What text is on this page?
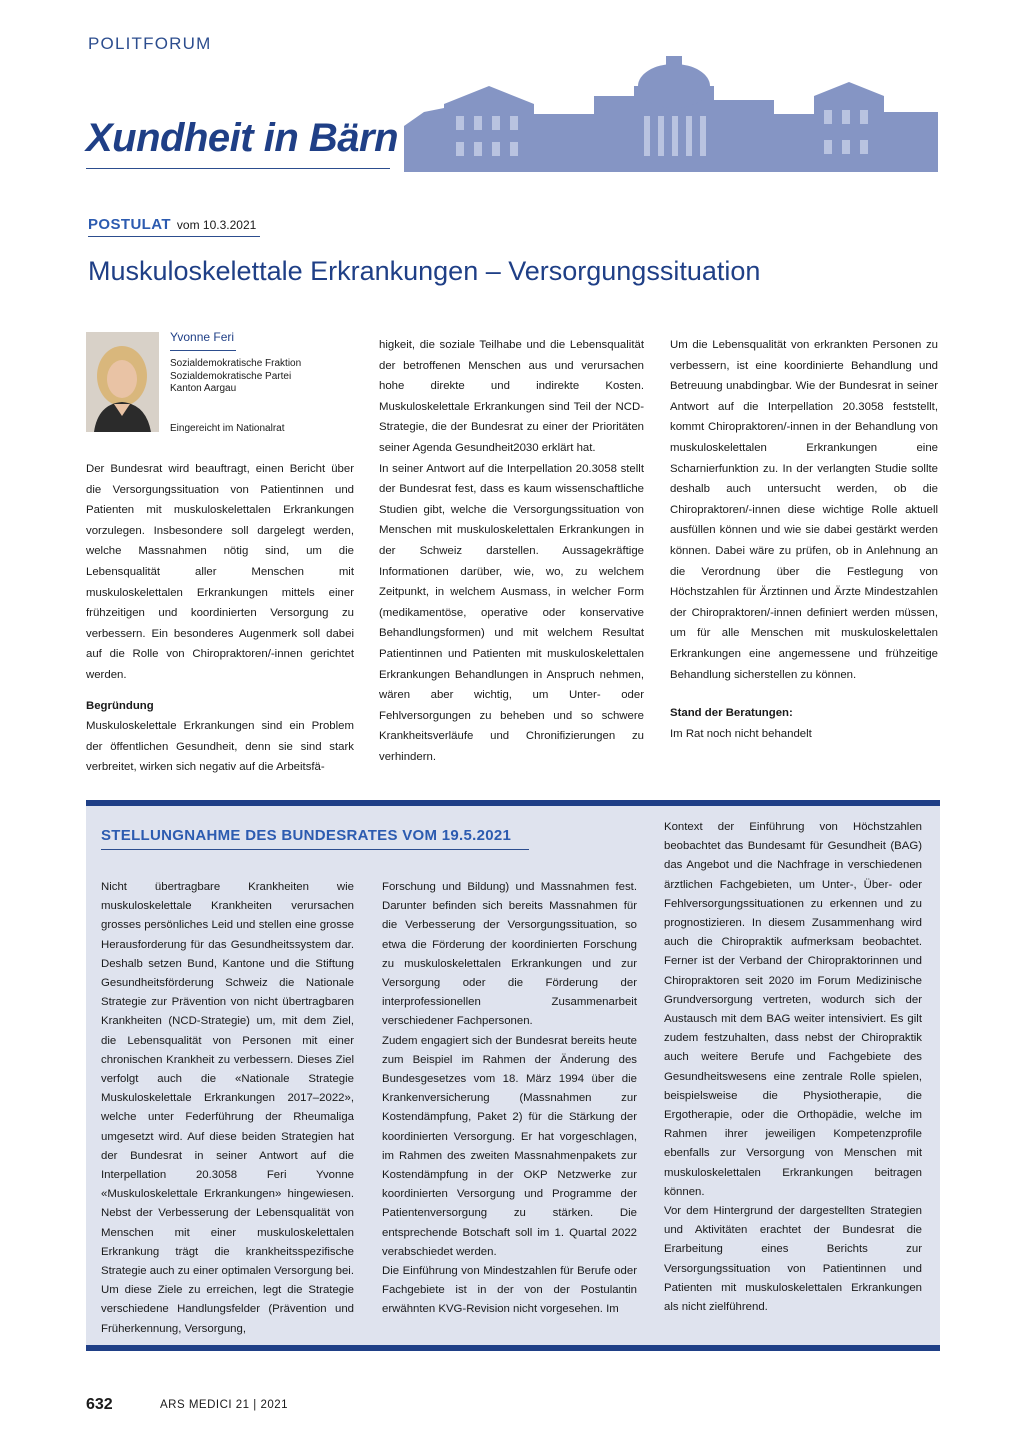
POLITFORUM
Xundheit in Bärn
POSTULAT vom 10.3.2021
Muskuloskelettale Erkrankungen – Versorgungssituation
Yvonne Feri
Sozialdemokratische Fraktion
Sozialdemokratische Partei
Kanton Aargau
Eingereicht im Nationalrat

Der Bundesrat wird beauftragt, einen Bericht über die Versorgungssituation von Patientinnen und Patienten mit muskuloskelettalen Erkrankungen vorzulegen. Insbesondere soll dargelegt werden, welche Massnahmen nötig sind, um die Lebensqualität aller Menschen mit muskuloskelettalen Erkrankungen mittels einer frühzeitigen und koordinierten Versorgung zu verbessern. Ein besonderes Augenmerk soll dabei auf die Rolle von Chiropraktoren/-innen gerichtet werden.

Begründung

Muskuloskelettale Erkrankungen sind ein Problem der öffentlichen Gesundheit, denn sie sind stark verbreitet, wirken sich negativ auf die Arbeitsfä-

higkeit, die soziale Teilhabe und die Lebensqualität der betroffenen Menschen aus und verursachen hohe direkte und indirekte Kosten. Muskuloskelettale Erkrankungen sind Teil der NCD-Strategie, die der Bundesrat zu einer der Prioritäten seiner Agenda Gesundheit2030 erklärt hat.

In seiner Antwort auf die Interpellation 20.3058 stellt der Bundesrat fest, dass es kaum wissenschaftliche Studien gibt, welche die Versorgungssituation von Menschen mit muskuloskelettalen Erkrankungen in der Schweiz darstellen. Aussagekräftige Informationen darüber, wie, wo, zu welchem Zeitpunkt, in welchem Ausmass, in welcher Form (medikamentöse, operative oder konservative Behandlungsformen) und mit welchem Resultat Patientinnen und Patienten mit muskuloskelettalen Erkrankungen Behandlungen in Anspruch nehmen, wären aber wichtig, um Unter- oder Fehlversorgungen zu beheben und so schwere Krankheitsverläufe und Chronifizierungen zu verhindern.

Um die Lebensqualität von erkrankten Personen zu verbessern, ist eine koordinierte Behandlung und Betreuung unabdingbar. Wie der Bundesrat in seiner Antwort auf die Interpellation 20.3058 feststellt, kommt Chiropraktoren/-innen in der Behandlung von muskuloskelettalen Erkrankungen eine Scharnierfunktion zu. In der verlangten Studie sollte deshalb auch untersucht werden, ob die Chiropraktoren/-innen diese wichtige Rolle aktuell ausfüllen können und wie sie dabei gestärkt werden können. Dabei wäre zu prüfen, ob in Anlehnung an die Verordnung über die Festlegung von Höchstzahlen für Ärztinnen und Ärzte Mindestzahlen der Chiropraktoren/-innen definiert werden müssen, um für alle Menschen mit muskuloskelettalen Erkrankungen eine angemessene und frühzeitige Behandlung sicherstellen zu können.

Stand der Beratungen:

Im Rat noch nicht behandelt

STELLUNGNAHME DES BUNDESRATES VOM 19.5.2021

Nicht übertragbare Krankheiten wie muskuloskelettale Krankheiten verursachen grosses persönliches Leid und stellen eine grosse Herausforderung für das Gesundheitssystem dar. Deshalb setzen Bund, Kantone und die Stiftung Gesundheitsförderung Schweiz die Nationale Strategie zur Prävention von nicht übertragbaren Krankheiten (NCD-Strategie) um, mit dem Ziel, die Lebensqualität von Personen mit einer chronischen Krankheit zu verbessern. Dieses Ziel verfolgt auch die «Nationale Strategie Muskuloskelettale Erkrankungen 2017–2022», welche unter Federführung der Rheumaliga umgesetzt wird. Auf diese beiden Strategien hat der Bundesrat in seiner Antwort auf die Interpellation 20.3058 Feri Yvonne «Muskuloskelettale Erkrankungen» hingewiesen. Nebst der Verbesserung der Lebensqualität von Menschen mit einer muskuloskelettalen Erkrankung trägt die krankheitsspezifische Strategie auch zu einer optimalen Versorgung bei. Um diese Ziele zu erreichen, legt die Strategie verschiedene Handlungsfelder (Prävention und Früherkennung, Versorgung,

Forschung und Bildung) und Massnahmen fest. Darunter befinden sich bereits Massnahmen für die Verbesserung der Versorgungssituation, so etwa die Förderung der koordinierten Forschung zu muskuloskelettalen Erkrankungen und zur Versorgung oder die Förderung der interprofessionellen Zusammenarbeit verschiedener Fachpersonen.

Zudem engagiert sich der Bundesrat bereits heute zum Beispiel im Rahmen der Änderung des Bundesgesetzes vom 18. März 1994 über die Krankenversicherung (Massnahmen zur Kostendämpfung, Paket 2) für die Stärkung der koordinierten Versorgung. Er hat vorgeschlagen, im Rahmen des zweiten Massnahmenpakets zur Kostendämpfung in der OKP Netzwerke zur koordinierten Versorgung und Programme der Patientenversorgung zu stärken. Die entsprechende Botschaft soll im 1. Quartal 2022 verabschiedet werden.

Die Einführung von Mindestzahlen für Berufe oder Fachgebiete ist in der von der Postulantin erwähnten KVG-Revision nicht vorgesehen. Im

Kontext der Einführung von Höchstzahlen beobachtet das Bundesamt für Gesundheit (BAG) das Angebot und die Nachfrage in verschiedenen ärztlichen Fachgebieten, um Unter-, Über- oder Fehlversorgungssituationen zu erkennen und zu prognostizieren. In diesem Zusammenhang wird auch die Chiropraktik aufmerksam beobachtet. Ferner ist der Verband der Chiropraktorinnen und Chiropraktoren seit 2020 im Forum Medizinische Grundversorgung vertreten, wodurch sich der Austausch mit dem BAG weiter intensiviert. Es gilt zudem festzuhalten, dass nebst der Chiropraktik auch weitere Berufe und Fachgebiete des Gesundheitswesens eine zentrale Rolle spielen, beispielsweise die Physiotherapie, die Ergotherapie, oder die Orthopädie, welche im Rahmen ihrer jeweiligen Kompetenzprofile ebenfalls zur Versorgung von Menschen mit muskuloskelettalen Erkrankungen beitragen können.

Vor dem Hintergrund der dargestellten Strategien und Aktivitäten erachtet der Bundesrat die Erarbeitung eines Berichts zur Versorgungssituation von Patientinnen und Patienten mit muskuloskelettalen Erkrankungen als nicht zielführend.

632	ARS MEDICI 21 | 2021
